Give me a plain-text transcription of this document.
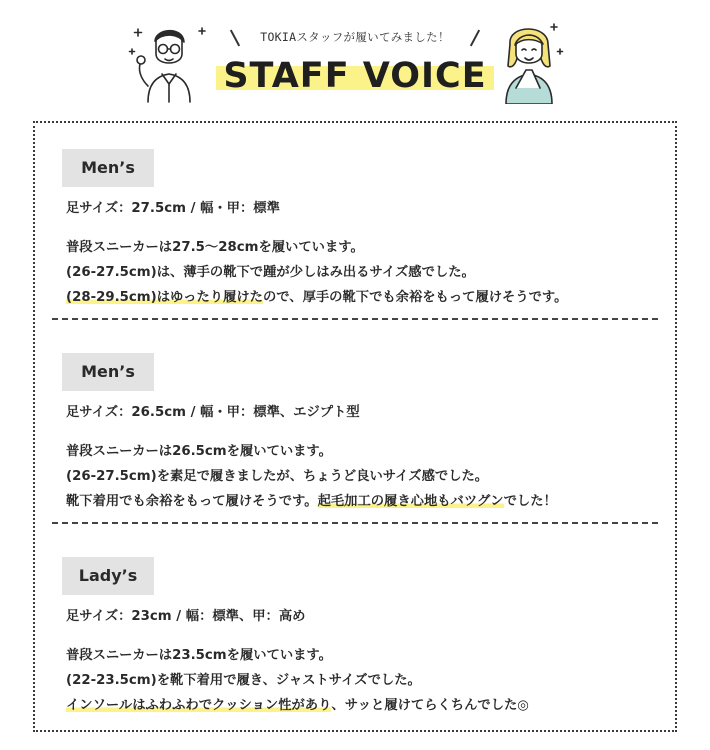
TOKIAスタッフが履いてみました！
STAFF VOICE
Men’s
足サイズ：27.5cm / 幅・甲：標準
普段スニーカーは27.5〜28cmを履いています。
(26-27.5cm)は、薄手の靴下で踵が少しはみ出るサイズ感でした。
(28-29.5cm)はゆったり履けたので、厚手の靴下でも余裕をもって履けそうです。
Men’s
足サイズ：26.5cm / 幅・甲：標準、エジプト型
普段スニーカーは26.5cmを履いています。
(26-27.5cm)を素足で履きましたが、ちょうど良いサイズ感でした。
靴下着用でも余裕をもって履けそうです。起毛加工の履き心地もバツグンでした！
Lady’s
足サイズ：23cm / 幅：標準、甲：高め
普段スニーカーは23.5cmを履いています。
(22-23.5cm)を靴下着用で履き、ジャストサイズでした。
インソールはふわふわでクッション性があり、サッと履けてらくちんでした◎
